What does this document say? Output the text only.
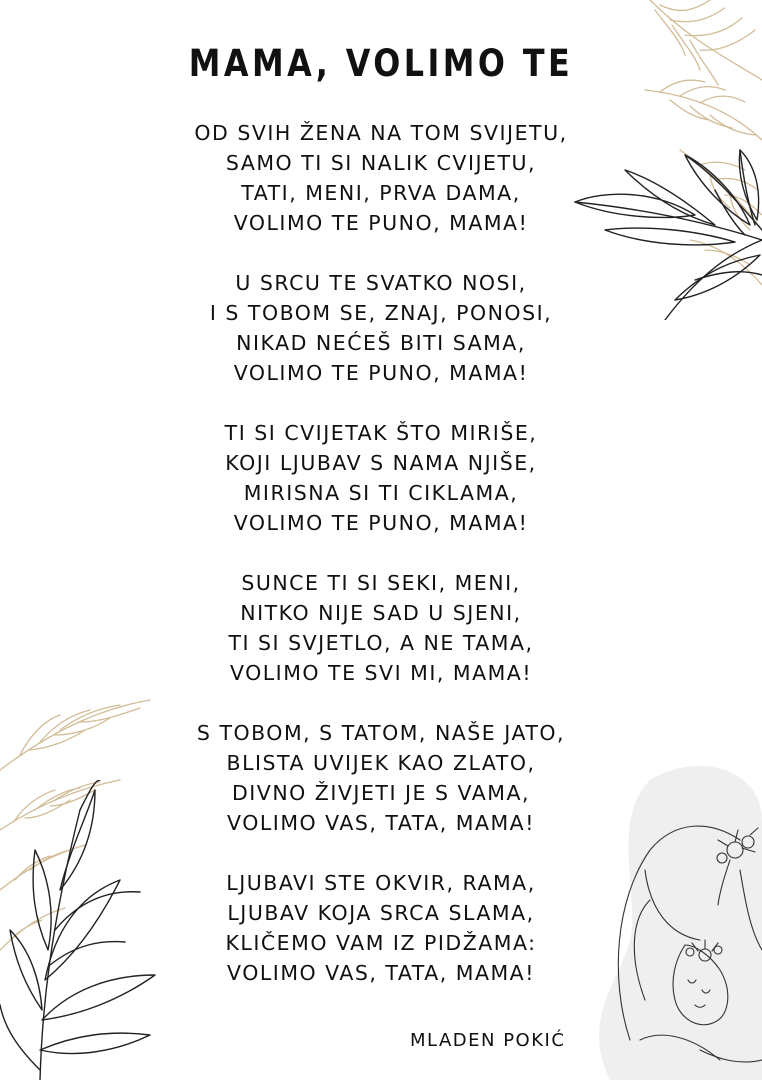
MAMA, VOLIMO TE
OD SVIH ŽENA NA TOM SVIJETU,
SAMO TI SI NALIK CVIJETU,
TATI, MENI, PRVA DAMA,
VOLIMO TE PUNO, MAMA!
U SRCU TE SVATKO NOSI,
I S TOBOM SE, ZNAJ, PONOSI,
NIKAD NEĆEŠ BITI SAMA,
VOLIMO TE PUNO, MAMA!
TI SI CVIJETAK ŠTO MIRIŠE,
KOJI LJUBAV S NAMA NJIŠE,
MIRISNA SI TI CIKLAMA,
VOLIMO TE PUNO, MAMA!
SUNCE TI SI SEKI, MENI,
NITKO NIJE SAD U SJENI,
TI SI SVJETLO, A NE TAMA,
VOLIMO TE SVI MI, MAMA!
S TOBOM, S TATOM, NAŠE JATO,
BLISTA UVIJEK KAO ZLATO,
DIVNO ŽIVJETI JE S VAMA,
VOLIMO VAS, TATA, MAMA!
LJUBAVI STE OKVIR, RAMA,
LJUBAV KOJA SRCA SLAMA,
KLIČEMO VAM IZ PIDŽAMA:
VOLIMO VAS, TATA, MAMA!
MLADEN POKIĆ
